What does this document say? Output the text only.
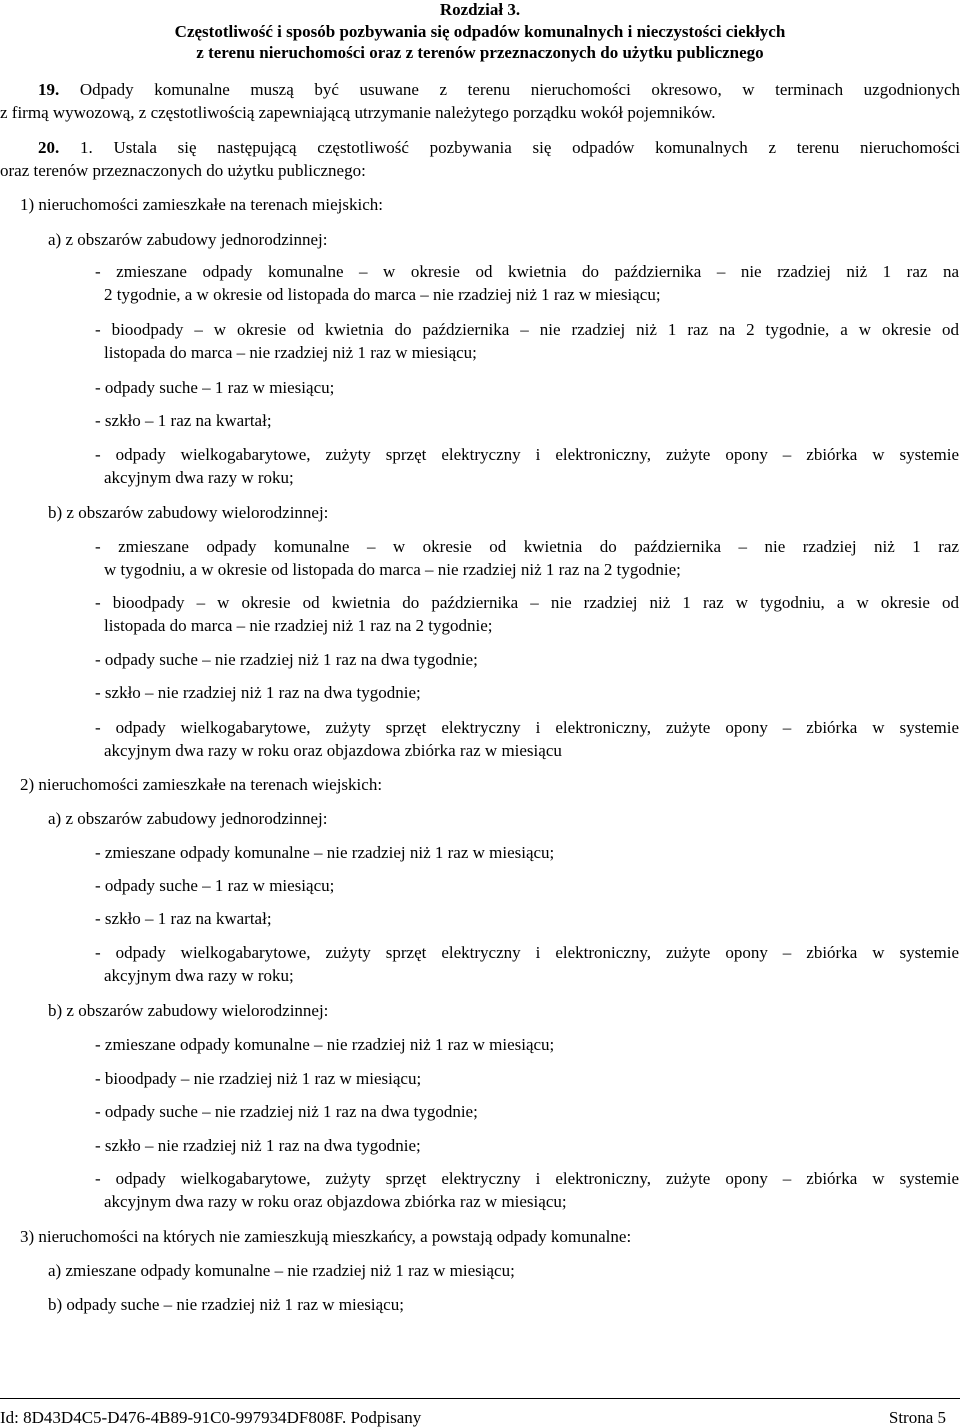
Rozdział 3.
Częstotliwość i sposób pozbywania się odpadów komunalnych i nieczystości ciekłych
z terenu nieruchomości oraz z terenów przeznaczonych do użytku publicznego
19. Odpady komunalne muszą być usuwane z terenu nieruchomości okresowo, w terminach uzgodnionych
z firmą wywozową, z częstotliwością zapewniającą utrzymanie należytego porządku wokół pojemników.
20. 1. Ustala się następującą częstotliwość pozbywania się odpadów komunalnych z terenu nieruchomości
oraz terenów przeznaczonych do użytku publicznego:
1) nieruchomości zamieszkałe na terenach miejskich:
a) z obszarów zabudowy jednorodzinnej:
- zmieszane odpady komunalne – w okresie od kwietnia do października – nie rzadziej niż 1 raz na
2 tygodnie, a w okresie od listopada do marca – nie rzadziej niż 1 raz w miesiącu;
- bioodpady – w okresie od kwietnia do października – nie rzadziej niż 1 raz na 2 tygodnie, a w okresie od
listopada do marca – nie rzadziej niż 1 raz w miesiącu;
- odpady suche – 1 raz w miesiącu;
- szkło – 1 raz na kwartał;
- odpady wielkogabarytowe, zużyty sprzęt elektryczny i elektroniczny, zużyte opony – zbiórka w systemie
akcyjnym dwa razy w roku;
b) z obszarów zabudowy wielorodzinnej:
- zmieszane odpady komunalne – w okresie od kwietnia do października – nie rzadziej niż 1 raz
w tygodniu, a w okresie od listopada do marca – nie rzadziej niż 1 raz na 2 tygodnie;
- bioodpady – w okresie od kwietnia do października – nie rzadziej niż 1 raz w tygodniu, a w okresie od
listopada do marca – nie rzadziej niż 1 raz na 2 tygodnie;
- odpady suche – nie rzadziej niż 1 raz na dwa tygodnie;
- szkło – nie rzadziej niż 1 raz na dwa tygodnie;
- odpady wielkogabarytowe, zużyty sprzęt elektryczny i elektroniczny, zużyte opony – zbiórka w systemie
akcyjnym dwa razy w roku oraz objazdowa zbiórka raz w miesiącu
2) nieruchomości zamieszkałe na terenach wiejskich:
a) z obszarów zabudowy jednorodzinnej:
- zmieszane odpady komunalne – nie rzadziej niż 1 raz w miesiącu;
- odpady suche – 1 raz w miesiącu;
- szkło – 1 raz na kwartał;
- odpady wielkogabarytowe, zużyty sprzęt elektryczny i elektroniczny, zużyte opony – zbiórka w systemie
akcyjnym dwa razy w roku;
b) z obszarów zabudowy wielorodzinnej:
- zmieszane odpady komunalne – nie rzadziej niż 1 raz w miesiącu;
- bioodpady – nie rzadziej niż 1 raz w miesiącu;
- odpady suche – nie rzadziej niż 1 raz na dwa tygodnie;
- szkło – nie rzadziej niż 1 raz na dwa tygodnie;
- odpady wielkogabarytowe, zużyty sprzęt elektryczny i elektroniczny, zużyte opony – zbiórka w systemie
akcyjnym dwa razy w roku oraz objazdowa zbiórka raz w miesiącu;
3) nieruchomości na których nie zamieszkują mieszkańcy, a powstają odpady komunalne:
a) zmieszane odpady komunalne – nie rzadziej niż 1 raz w miesiącu;
b) odpady suche – nie rzadziej niż 1 raz w miesiącu;
Id: 8D43D4C5-D476-4B89-91C0-997934DF808F. Podpisany	Strona 5
